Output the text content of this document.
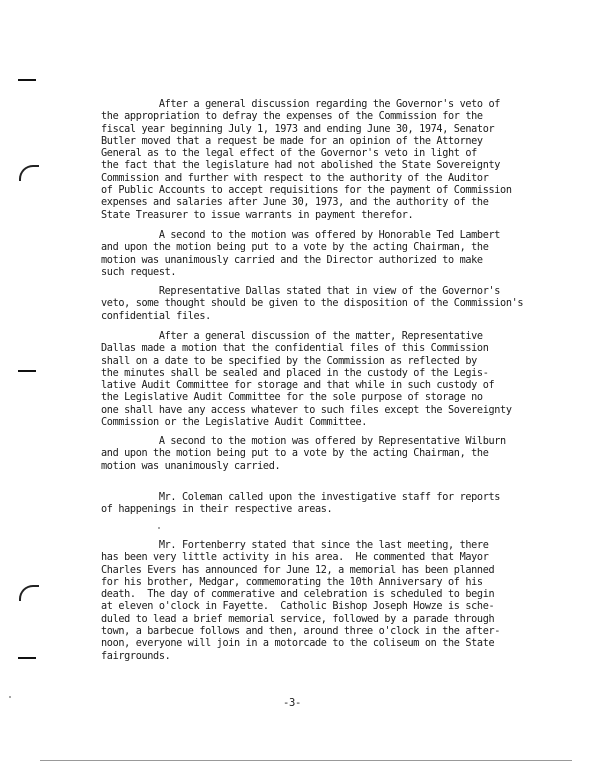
After a general discussion regarding the Governor's veto of
the appropriation to defray the expenses of the Commission for the
fiscal year beginning July 1, 1973 and ending June 30, 1974, Senator
Butler moved that a request be made for an opinion of the Attorney
General as to the legal effect of the Governor's veto in light of
the fact that the legislature had not abolished the State Sovereignty
Commission and further with respect to the authority of the Auditor
of Public Accounts to accept requisitions for the payment of Commission
expenses and salaries after June 30, 1973, and the authority of the
State Treasurer to issue warrants in payment therefor.
A second to the motion was offered by Honorable Ted Lambert
and upon the motion being put to a vote by the acting Chairman, the
motion was unanimously carried and the Director authorized to make
such request.
Representative Dallas stated that in view of the Governor's
veto, some thought should be given to the disposition of the Commission's
confidential files.
After a general discussion of the matter, Representative
Dallas made a motion that the confidential files of this Commission
shall on a date to be specified by the Commission as reflected by
the minutes shall be sealed and placed in the custody of the Legis-
lative Audit Committee for storage and that while in such custody of
the Legislative Audit Committee for the sole purpose of storage no
one shall have any access whatever to such files except the Sovereignty
Commission or the Legislative Audit Committee.
A second to the motion was offered by Representative Wilburn
and upon the motion being put to a vote by the acting Chairman, the
motion was unanimously carried.
Mr. Coleman called upon the investigative staff for reports
of happenings in their respective areas.
Mr. Fortenberry stated that since the last meeting, there
has been very little activity in his area.  He commented that Mayor
Charles Evers has announced for June 12, a memorial has been planned
for his brother, Medgar, commemorating the 10th Anniversary of his
death.  The day of commerative and celebration is scheduled to begin
at eleven o'clock in Fayette.  Catholic Bishop Joseph Howze is sche-
duled to lead a brief memorial service, followed by a parade through
town, a barbecue follows and then, around three o'clock in the after-
noon, everyone will join in a motorcade to the coliseum on the State
fairgrounds.
-3-
